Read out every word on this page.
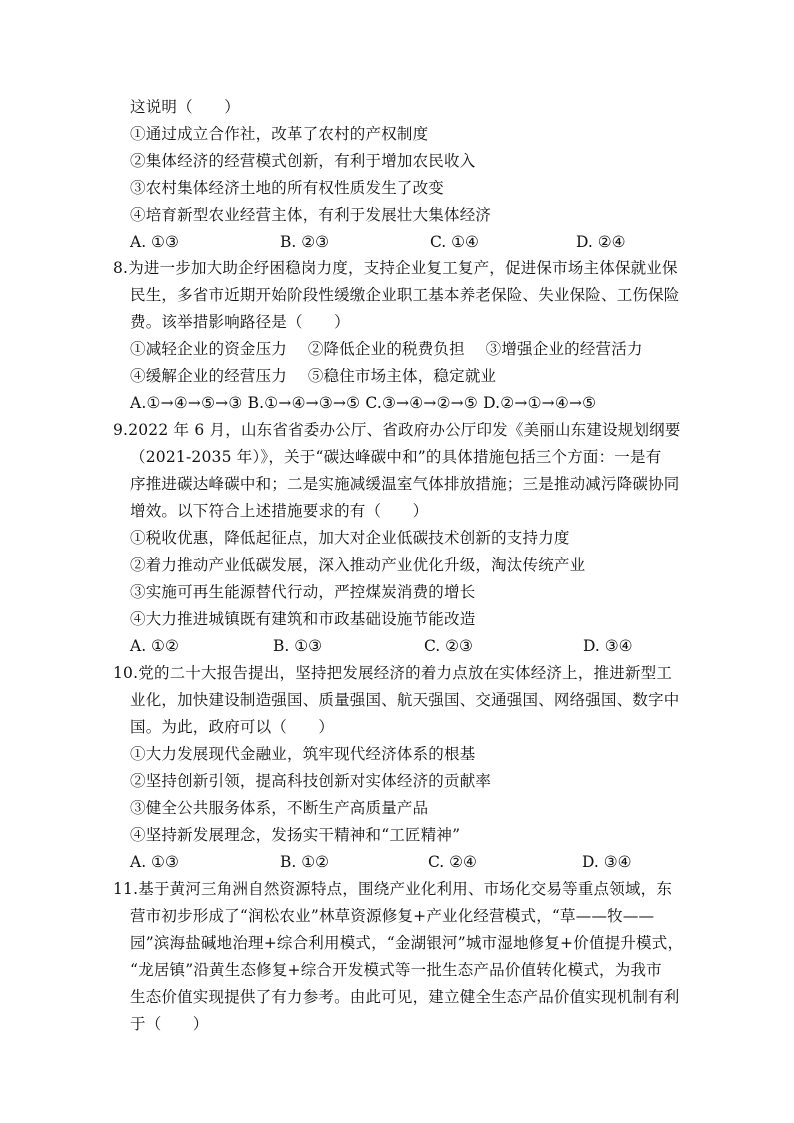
这说明（　　）
①通过成立合作社，改革了农村的产权制度
②集体经济的经营模式创新，有利于增加农民收入
③农村集体经济土地的所有权性质发生了改变
④培育新型农业经营主体，有利于发展壮大集体经济
A. ①③	B. ②③	C. ①④	D. ②④
8.为进一步加大助企纾困稳岗力度，支持企业复工复产，促进保市场主体保就业保
民生，多省市近期开始阶段性缓缴企业职工基本养老保险、失业保险、工伤保险
费。该举措影响路径是（　　）
①减轻企业的资金压力　 ②降低企业的税费负担　 ③增强企业的经营活力
④缓解企业的经营压力　 ⑤稳住市场主体，稳定就业
A.①→④→⑤→③ B.①→④→③→⑤ C.③→④→②→⑤ D.②→①→④→⑤
9.2022 年 6 月，山东省省委办公厅、省政府办公厅印发《美丽山东建设规划纲要
（2021-2035 年）》，关于“碳达峰碳中和”的具体措施包括三个方面：一是有
序推进碳达峰碳中和；二是实施减缓温室气体排放措施；三是推动减污降碳协同
增效。以下符合上述措施要求的有（　　）
①税收优惠，降低起征点，加大对企业低碳技术创新的支持力度
②着力推动产业低碳发展，深入推动产业优化升级，淘汰传统产业
③实施可再生能源替代行动，严控煤炭消费的增长
④大力推进城镇既有建筑和市政基础设施节能改造
A. ①②	B. ①③	C. ②③	D. ③④
10.党的二十大报告提出，坚持把发展经济的着力点放在实体经济上，推进新型工
业化，加快建设制造强国、质量强国、航天强国、交通强国、网络强国、数字中
国。为此，政府可以（　　）
①大力发展现代金融业，筑牢现代经济体系的根基
②坚持创新引领，提高科技创新对实体经济的贡献率
③健全公共服务体系，不断生产高质量产品
④坚持新发展理念，发扬实干精神和“工匠精神”
A. ①③	B. ①②	C. ②④	D. ③④
11.基于黄河三角洲自然资源特点，围绕产业化利用、市场化交易等重点领域，东
营市初步形成了“润松农业”林草资源修复+产业化经营模式，“草——牧——
园”滨海盐碱地治理+综合利用模式，“金湖银河”城市湿地修复+价值提升模式，
“龙居镇”沿黄生态修复+综合开发模式等一批生态产品价值转化模式，为我市
生态价值实现提供了有力参考。由此可见，建立健全生态产品价值实现机制有利
于（　　）
